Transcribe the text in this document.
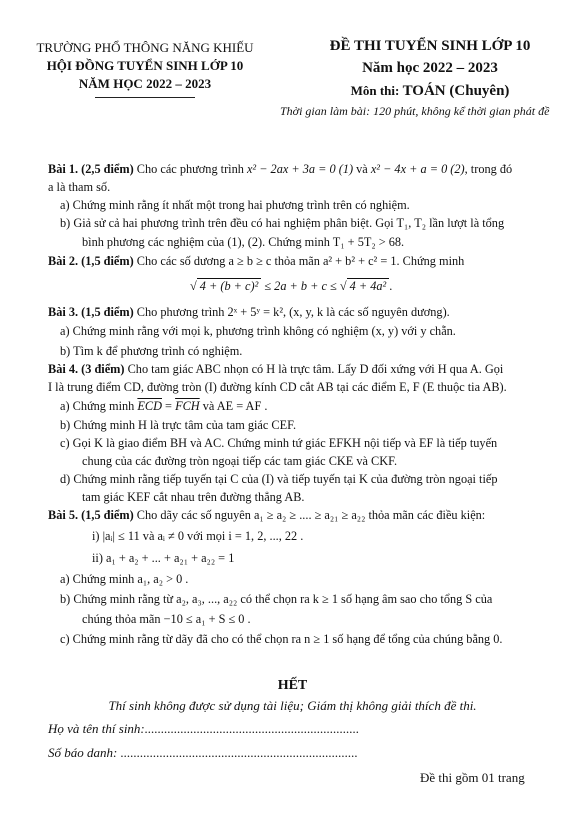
TRƯỜNG PHỔ THÔNG NĂNG KHIẾU
HỘI ĐỒNG TUYỂN SINH LỚP 10
NĂM HỌC 2022 – 2023
ĐỀ THI TUYỂN SINH LỚP 10
Năm học 2022 – 2023
Môn thi: TOÁN (Chuyên)
Thời gian làm bài: 120 phút, không kể thời gian phát đề
Bài 1. (2,5 điểm) Cho các phương trình x² − 2ax + 3a = 0 (1) và x² − 4x + a = 0 (2), trong đó
a là tham số.
a) Chứng minh rằng ít nhất một trong hai phương trình trên có nghiệm.
b) Giả sử cả hai phương trình trên đều có hai nghiệm phân biệt. Gọi T₁, T₂ lần lượt là tổng
bình phương các nghiệm của (1), (2). Chứng minh T₁ + 5T₂ > 68.
Bài 2. (1,5 điểm) Cho các số dương a ≥ b ≥ c thỏa mãn a² + b² + c² = 1. Chứng minh
√ 4 + (b + c)² ≤ 2a + b + c ≤ √ 4 + 4a² .
Bài 3. (1,5 điểm) Cho phương trình 2ˣ + 5ʸ = k², (x, y, k là các số nguyên dương).
a) Chứng minh rằng với mọi k, phương trình không có nghiệm (x, y) với y chẵn.
b) Tìm k để phương trình có nghiệm.
Bài 4. (3 điểm) Cho tam giác ABC nhọn có H là trực tâm. Lấy D đối xứng với H qua A. Gọi
I là trung điểm CD, đường tròn (I) đường kính CD cắt AB tại các điểm E, F (E thuộc tia AB).
a) Chứng minh $\overline{ECD} = \overline{FCH}$ và AE = AF .
b) Chứng minh H là trực tâm của tam giác CEF.
c) Gọi K là giao điểm BH và AC. Chứng minh tứ giác EFKH nội tiếp và EF là tiếp tuyến
chung của các đường tròn ngoại tiếp các tam giác CKE và CKF.
d) Chứng minh rằng tiếp tuyến tại C của (I) và tiếp tuyến tại K của đường tròn ngoại tiếp
tam giác KEF cắt nhau trên đường thẳng AB.
Bài 5. (1,5 điểm) Cho dãy các số nguyên a₁ ≥ a₂ ≥ .... ≥ a₂₁ ≥ a₂₂ thỏa mãn các điều kiện:
i) |aᵢ| ≤ 11 và aᵢ ≠ 0 với mọi i = 1, 2, ..., 22 .
ii) a₁ + a₂ + ... + a₂₁ + a₂₂ = 1
a) Chứng minh a₁, a₂ > 0 .
b) Chứng minh rằng từ a₂, a₃, ..., a₂₂ có thể chọn ra k ≥ 1 số hạng âm sao cho tổng S của
chúng thỏa mãn −10 ≤ a₁ + S ≤ 0 .
c) Chứng minh rằng từ dãy đã cho có thể chọn ra n ≥ 1 số hạng để tổng của chúng bằng 0.
HẾT
Thí sinh không được sử dụng tài liệu; Giám thị không giải thích đề thi.
Họ và tên thí sinh:..................................................................
Số báo danh: .........................................................................
Đề thi gồm 01 trang
